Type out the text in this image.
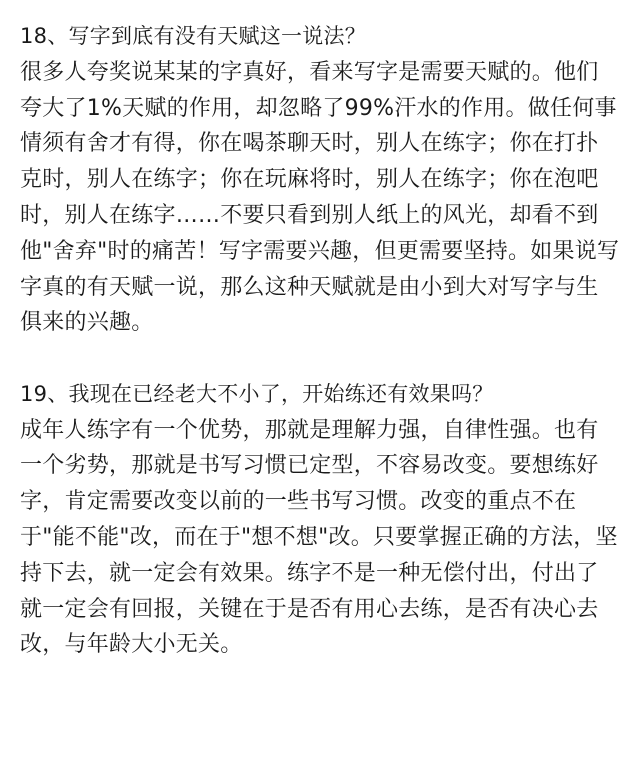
18、写字到底有没有天赋这一说法？
很多人夸奖说某某的字真好，看来写字是需要天赋的。他们
夸大了1%天赋的作用，却忽略了99%汗水的作用。做任何事
情须有舍才有得，你在喝茶聊天时，别人在练字；你在打扑
克时，别人在练字；你在玩麻将时，别人在练字；你在泡吧
时，别人在练字……不要只看到别人纸上的风光，却看不到
他"舍弃"时的痛苦！写字需要兴趣，但更需要坚持。如果说写
字真的有天赋一说，那么这种天赋就是由小到大对写字与生
俱来的兴趣。
19、我现在已经老大不小了，开始练还有效果吗？
成年人练字有一个优势，那就是理解力强，自律性强。也有
一个劣势，那就是书写习惯已定型，不容易改变。要想练好
字，肯定需要改变以前的一些书写习惯。改变的重点不在
于"能不能"改，而在于"想不想"改。只要掌握正确的方法，坚
持下去，就一定会有效果。练字不是一种无偿付出，付出了
就一定会有回报，关键在于是否有用心去练，是否有决心去
改，与年龄大小无关。
